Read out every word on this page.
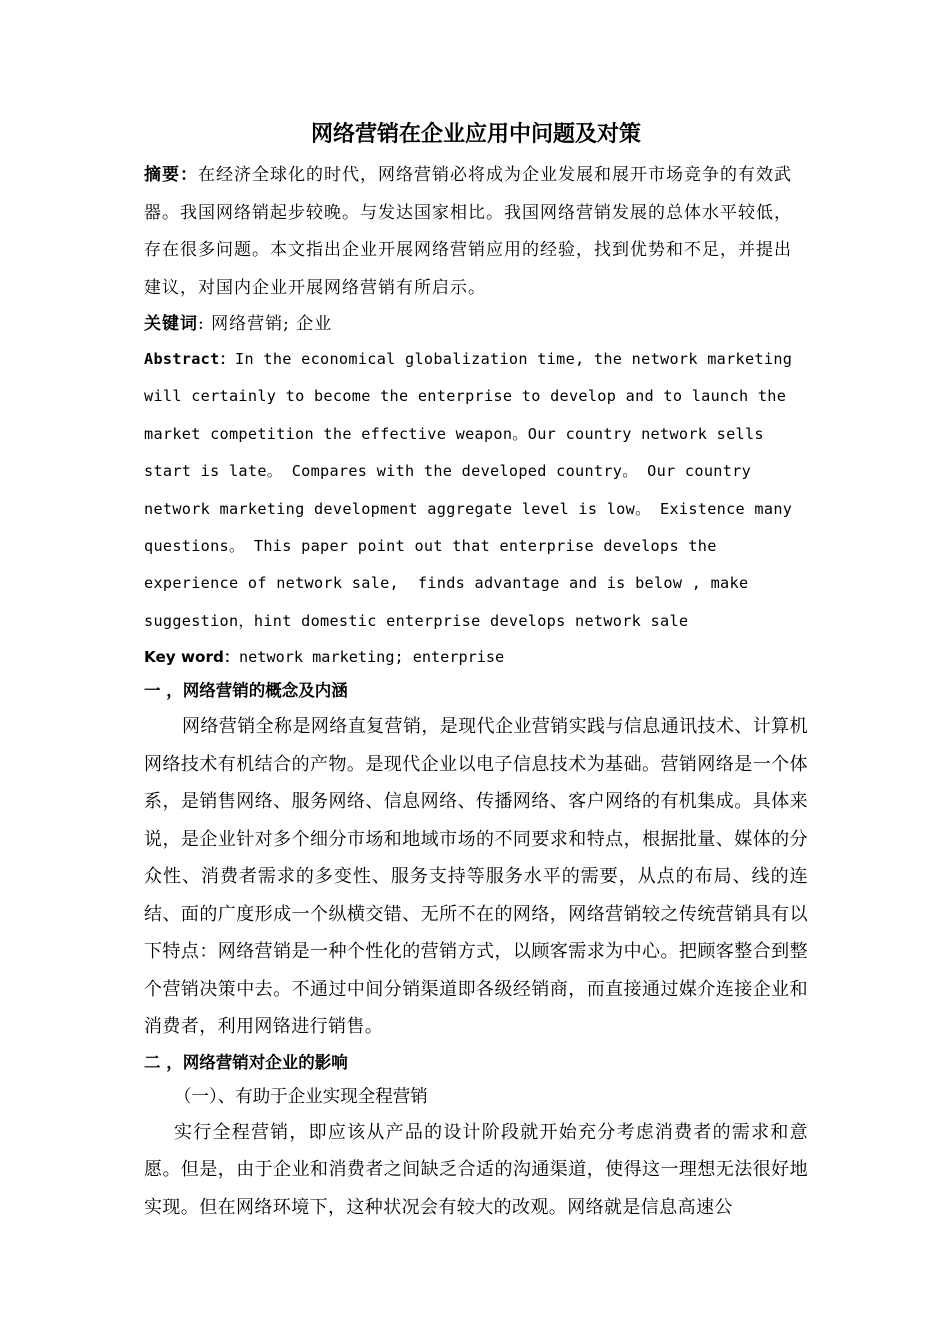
网络营销在企业应用中问题及对策

摘要：在经济全球化的时代，网络营销必将成为企业发展和展开市场竞争的有效武器。我国网络销起步较晚。与发达国家相比。我国网络营销发展的总体水平较低，存在很多问题。本文指出企业开展网络营销应用的经验，找到优势和不足，并提出建议，对国内企业开展网络营销有所启示。

关键词: 网络营销; 企业

Abstract：In the economical globalization time, the network marketing will certainly to become the enterprise to develop and to launch the market competition the effective weapon。Our country network sells start is late。 Compares with the developed country。 Our country network marketing development aggregate level is low。 Existence many questions。 This paper point out that enterprise develops the experience of network sale,  finds advantage and is below , make suggestion，hint domestic enterprise develops network sale

Key word：network marketing; enterprise

一 ，网络营销的概念及内涵

网络营销全称是网络直复营销，是现代企业营销实践与信息通讯技术、计算机网络技术有机结合的产物。是现代企业以电子信息技术为基础。营销网络是一个体系，是销售网络、服务网络、信息网络、传播网络、客户网络的有机集成。具体来说，是企业针对多个细分市场和地域市场的不同要求和特点，根据批量、媒体的分众性、消费者需求的多变性、服务支持等服务水平的需要，从点的布局、线的连结、面的广度形成一个纵横交错、无所不在的网络，网络营销较之传统营销具有以下特点：网络营销是一种个性化的营销方式，以顾客需求为中心。把顾客整合到整个营销决策中去。不通过中间分销渠道即各级经销商，而直接通过媒介连接企业和消费者，利用网铬进行销售。

二 ，网络营销对企业的影响

（一）、有助于企业实现全程营销

实行全程营销，即应该从产品的设计阶段就开始充分考虑消费者的需求和意愿。但是，由于企业和消费者之间缺乏合适的沟通渠道，使得这一理想无法很好地实现。但在网络环境下，这种状况会有较大的改观。网络就是信息高速公
